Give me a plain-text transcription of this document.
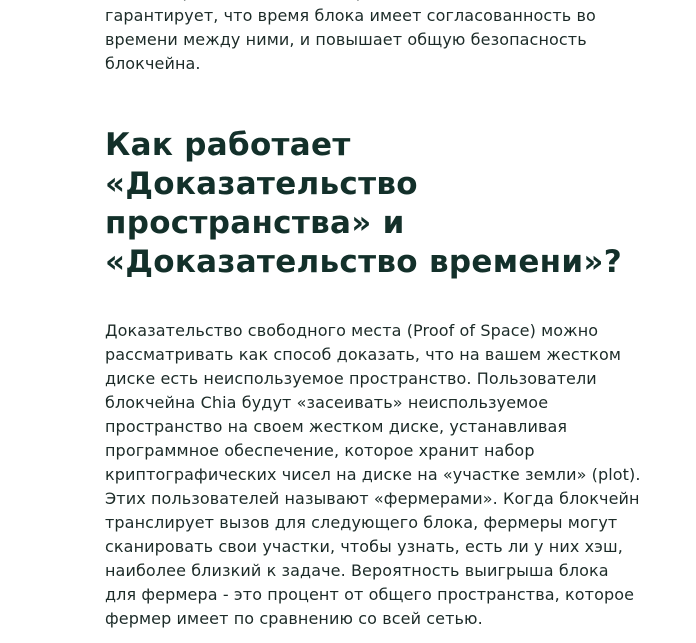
гарантирует, что время блока имеет согласованность во времени между ними, и повышает общую безопасность блокчейна.

Как работает «Доказательство пространства» и «Доказательство времени»?

Доказательство свободного места (Proof of Space) можно рассматривать как способ доказать, что на вашем жестком диске есть неиспользуемое пространство. Пользователи блокчейна Chia будут «засеивать» неиспользуемое пространство на своем жестком диске, устанавливая программное обеспечение, которое хранит набор криптографических чисел на диске на «участке земли» (plot). Этих пользователей называют «фермерами». Когда блокчейн транслирует вызов для следующего блока, фермеры могут сканировать свои участки, чтобы узнать, есть ли у них хэш, наиболее близкий к задаче. Вероятность выигрыша блока для фермера - это процент от общего пространства, которое фермер имеет по сравнению со всей сетью.
